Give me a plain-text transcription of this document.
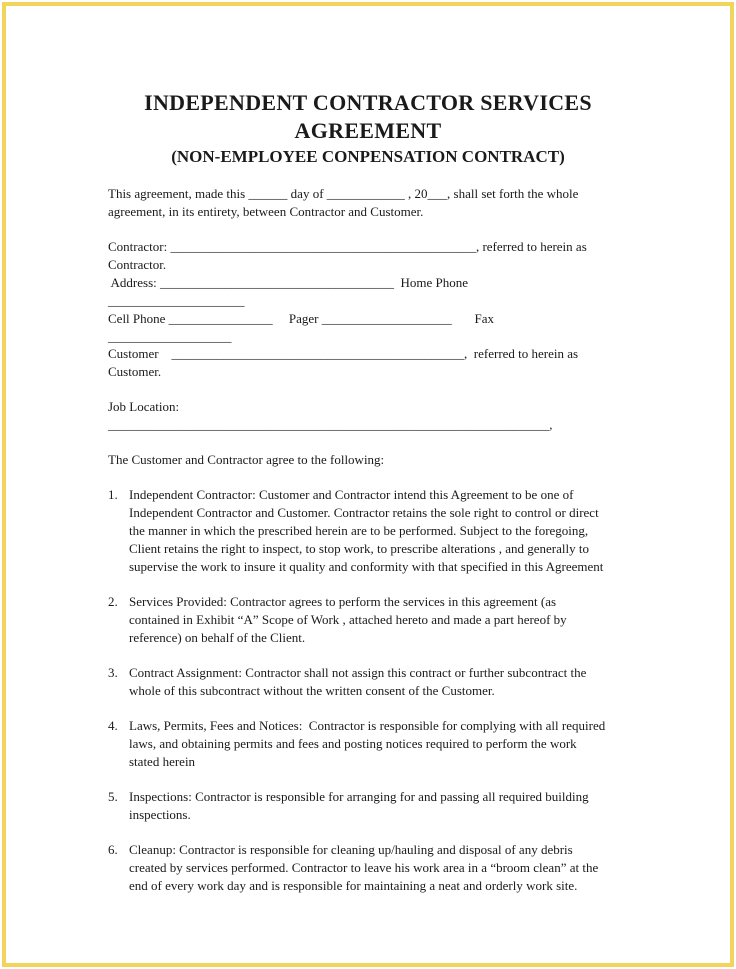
INDEPENDENT CONTRACTOR SERVICES
AGREEMENT
(NON-EMPLOYEE CONPENSATION CONTRACT)
This agreement, made this ______ day of ____________ , 20___, shall set forth the whole
agreement, in its entirety, between Contractor and Customer.
Contractor: _______________________________________________, referred to herein as
Contractor.
Address: ____________________________________  Home Phone
_____________________
Cell Phone ________________     Pager ____________________       Fax
___________________
Customer    _____________________________________________,  referred to herein as
Customer.
Job Location:
_________________________________________________________________________,
The Customer and Contractor agree to the following:
1. Independent Contractor: Customer and Contractor intend this Agreement to be one of
Independent Contractor and Customer. Contractor retains the sole right to control or direct
the manner in which the prescribed herein are to be performed. Subject to the foregoing,
Client retains the right to inspect, to stop work, to prescribe alterations , and generally to
supervise the work to insure it quality and conformity with that specified in this Agreement
2. Services Provided: Contractor agrees to perform the services in this agreement (as
contained in Exhibit “A” Scope of Work , attached hereto and made a part hereof by
reference) on behalf of the Client.
3. Contract Assignment: Contractor shall not assign this contract or further subcontract the
whole of this subcontract without the written consent of the Customer.
4. Laws, Permits, Fees and Notices:  Contractor is responsible for complying with all required
laws, and obtaining permits and fees and posting notices required to perform the work
stated herein
5. Inspections: Contractor is responsible for arranging for and passing all required building
inspections.
6. Cleanup: Contractor is responsible for cleaning up/hauling and disposal of any debris
created by services performed. Contractor to leave his work area in a “broom clean” at the
end of every work day and is responsible for maintaining a neat and orderly work site.
